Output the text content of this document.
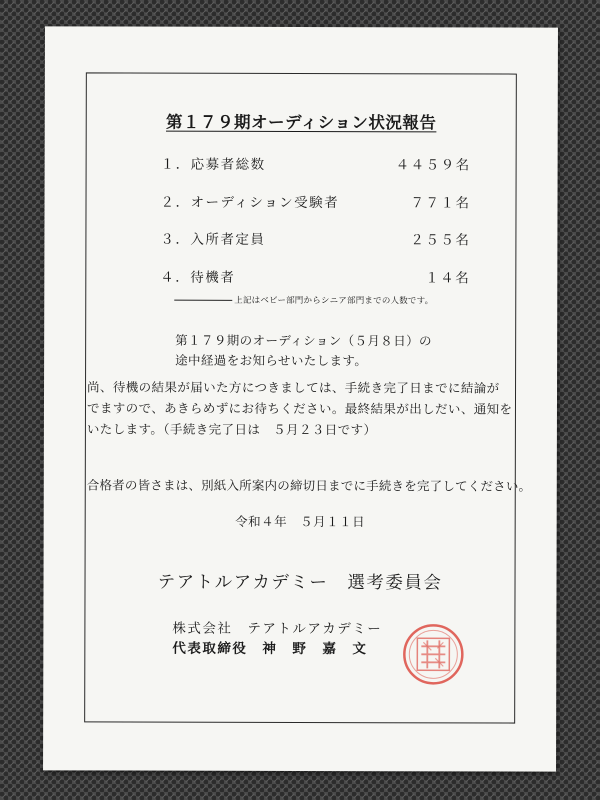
第１７９期オーディション状況報告
１．応募者総数	４４５９名
２．オーディション受験者	７７１名
３．入所者定員	２５５名
４．待機者	１４名
上記はベビー部門からシニア部門までの人数です。
第１７９期のオーディション（５月８日）の
途中経過をお知らせいたします。
尚、待機の結果が届いた方につきましては、手続き完了日までに結論が
でますので、あきらめずにお待ちください。最終結果が出しだい、通知を
いたします。（手続き完了日は　５月２３日です）
合格者の皆さまは、別紙入所案内の締切日までに手続きを完了してください。
令和４年　５月１１日
テアトルアカデミー　選考委員会
株式会社　テアトルアカデミー
代表取締役　神　野　嘉　文
